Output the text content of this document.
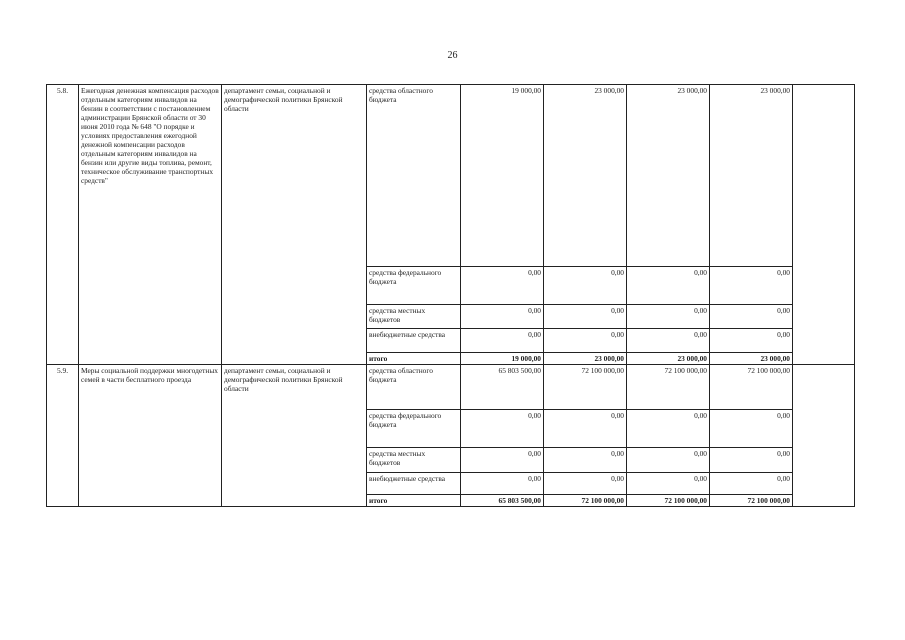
26
5.8.	Ежегодная денежная компенсация расходов отдельным категориям инвалидов на бензин в соответствии с постановлением администрации Брянской области от 30 июня 2010 года № 648 "О порядке и условиях предоставления ежегодной денежной компенсации расходов отдельным категориям инвалидов на бензин или другие виды топлива, ремонт, техническое обслуживание транспортных средств"	департамент семьи, социальной и демографической политики Брянской области	средства областного бюджета	19 000,00	23 000,00	23 000,00	23 000,00	
			средства федерального бюджета	0,00	0,00	0,00	0,00	
			средства местных бюджетов	0,00	0,00	0,00	0,00	
			внебюджетные средства	0,00	0,00	0,00	0,00	
			итого	19 000,00	23 000,00	23 000,00	23 000,00	
5.9.	Меры социальной поддержки многодетных семей в части бесплатного проезда	департамент семьи, социальной и демографической политики Брянской области	средства областного бюджета	65 803 500,00	72 100 000,00	72 100 000,00	72 100 000,00	
			средства федерального бюджета	0,00	0,00	0,00	0,00	
			средства местных бюджетов	0,00	0,00	0,00	0,00	
			внебюджетные средства	0,00	0,00	0,00	0,00	
			итого	65 803 500,00	72 100 000,00	72 100 000,00	72 100 000,00	
